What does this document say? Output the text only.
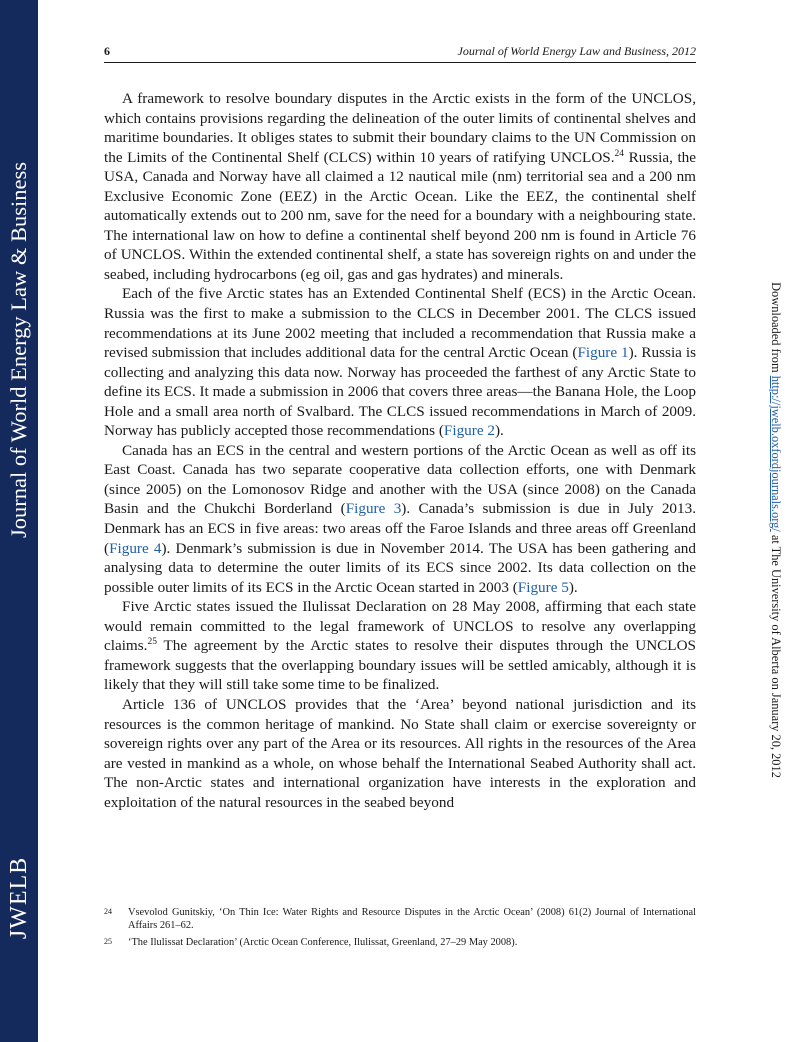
Journal of World Energy Law & Business
JWELB
6	Journal of World Energy Law and Business, 2012

A framework to resolve boundary disputes in the Arctic exists in the form of the UNCLOS, which contains provisions regarding the delineation of the outer limits of continental shelves and maritime boundaries. It obliges states to submit their boundary claims to the UN Commission on the Limits of the Continental Shelf (CLCS) within 10 years of ratifying UNCLOS.$^{24}$ Russia, the USA, Canada and Norway have all claimed a 12 nautical mile (nm) territorial sea and a 200 nm Exclusive Economic Zone (EEZ) in the Arctic Ocean. Like the EEZ, the continental shelf automatically extends out to 200 nm, save for the need for a boundary with a neighbouring state. The international law on how to define a continental shelf beyond 200 nm is found in Article 76 of UNCLOS. Within the extended continental shelf, a state has sovereign rights on and under the seabed, including hydrocarbons (eg oil, gas and gas hydrates) and minerals.

Each of the five Arctic states has an Extended Continental Shelf (ECS) in the Arctic Ocean. Russia was the first to make a submission to the CLCS in December 2001. The CLCS issued recommendations at its June 2002 meeting that included a recommendation that Russia make a revised submission that includes additional data for the central Arctic Ocean (Figure 1). Russia is collecting and analyzing this data now. Norway has proceeded the farthest of any Arctic State to define its ECS. It made a submission in 2006 that covers three areas—the Banana Hole, the Loop Hole and a small area north of Svalbard. The CLCS issued recommendations in March of 2009. Norway has publicly accepted those recommendations (Figure 2).

Canada has an ECS in the central and western portions of the Arctic Ocean as well as off its East Coast. Canada has two separate cooperative data collection efforts, one with Denmark (since 2005) on the Lomonosov Ridge and another with the USA (since 2008) on the Canada Basin and the Chukchi Borderland (Figure 3). Canada’s submission is due in July 2013. Denmark has an ECS in five areas: two areas off the Faroe Islands and three areas off Greenland (Figure 4). Denmark’s submission is due in November 2014. The USA has been gathering and analysing data to determine the outer limits of its ECS since 2002. Its data collection on the possible outer limits of its ECS in the Arctic Ocean started in 2003 (Figure 5).

Five Arctic states issued the Ilulissat Declaration on 28 May 2008, affirming that each state would remain committed to the legal framework of UNCLOS to resolve any overlapping claims.$^{25}$ The agreement by the Arctic states to resolve their disputes through the UNCLOS framework suggests that the overlapping boundary issues will be settled amicably, although it is likely that they will still take some time to be finalized.

Article 136 of UNCLOS provides that the ‘Area’ beyond national jurisdiction and its resources is the common heritage of mankind. No State shall claim or exercise sovereignty or sovereign rights over any part of the Area or its resources. All rights in the resources of the Area are vested in mankind as a whole, on whose behalf the International Seabed Authority shall act. The non-Arctic states and international organization have interests in the exploration and exploitation of the natural resources in the seabed beyond

24	Vsevolod Gunitskiy, ‘On Thin Ice: Water Rights and Resource Disputes in the Arctic Ocean’ (2008) 61(2) Journal of International Affairs 261–62.
25	‘The Ilulissat Declaration’ (Arctic Ocean Conference, Ilulissat, Greenland, 27–29 May 2008).
Downloaded from http://jwelb.oxfordjournals.org/ at The University of Alberta on January 20, 2012
